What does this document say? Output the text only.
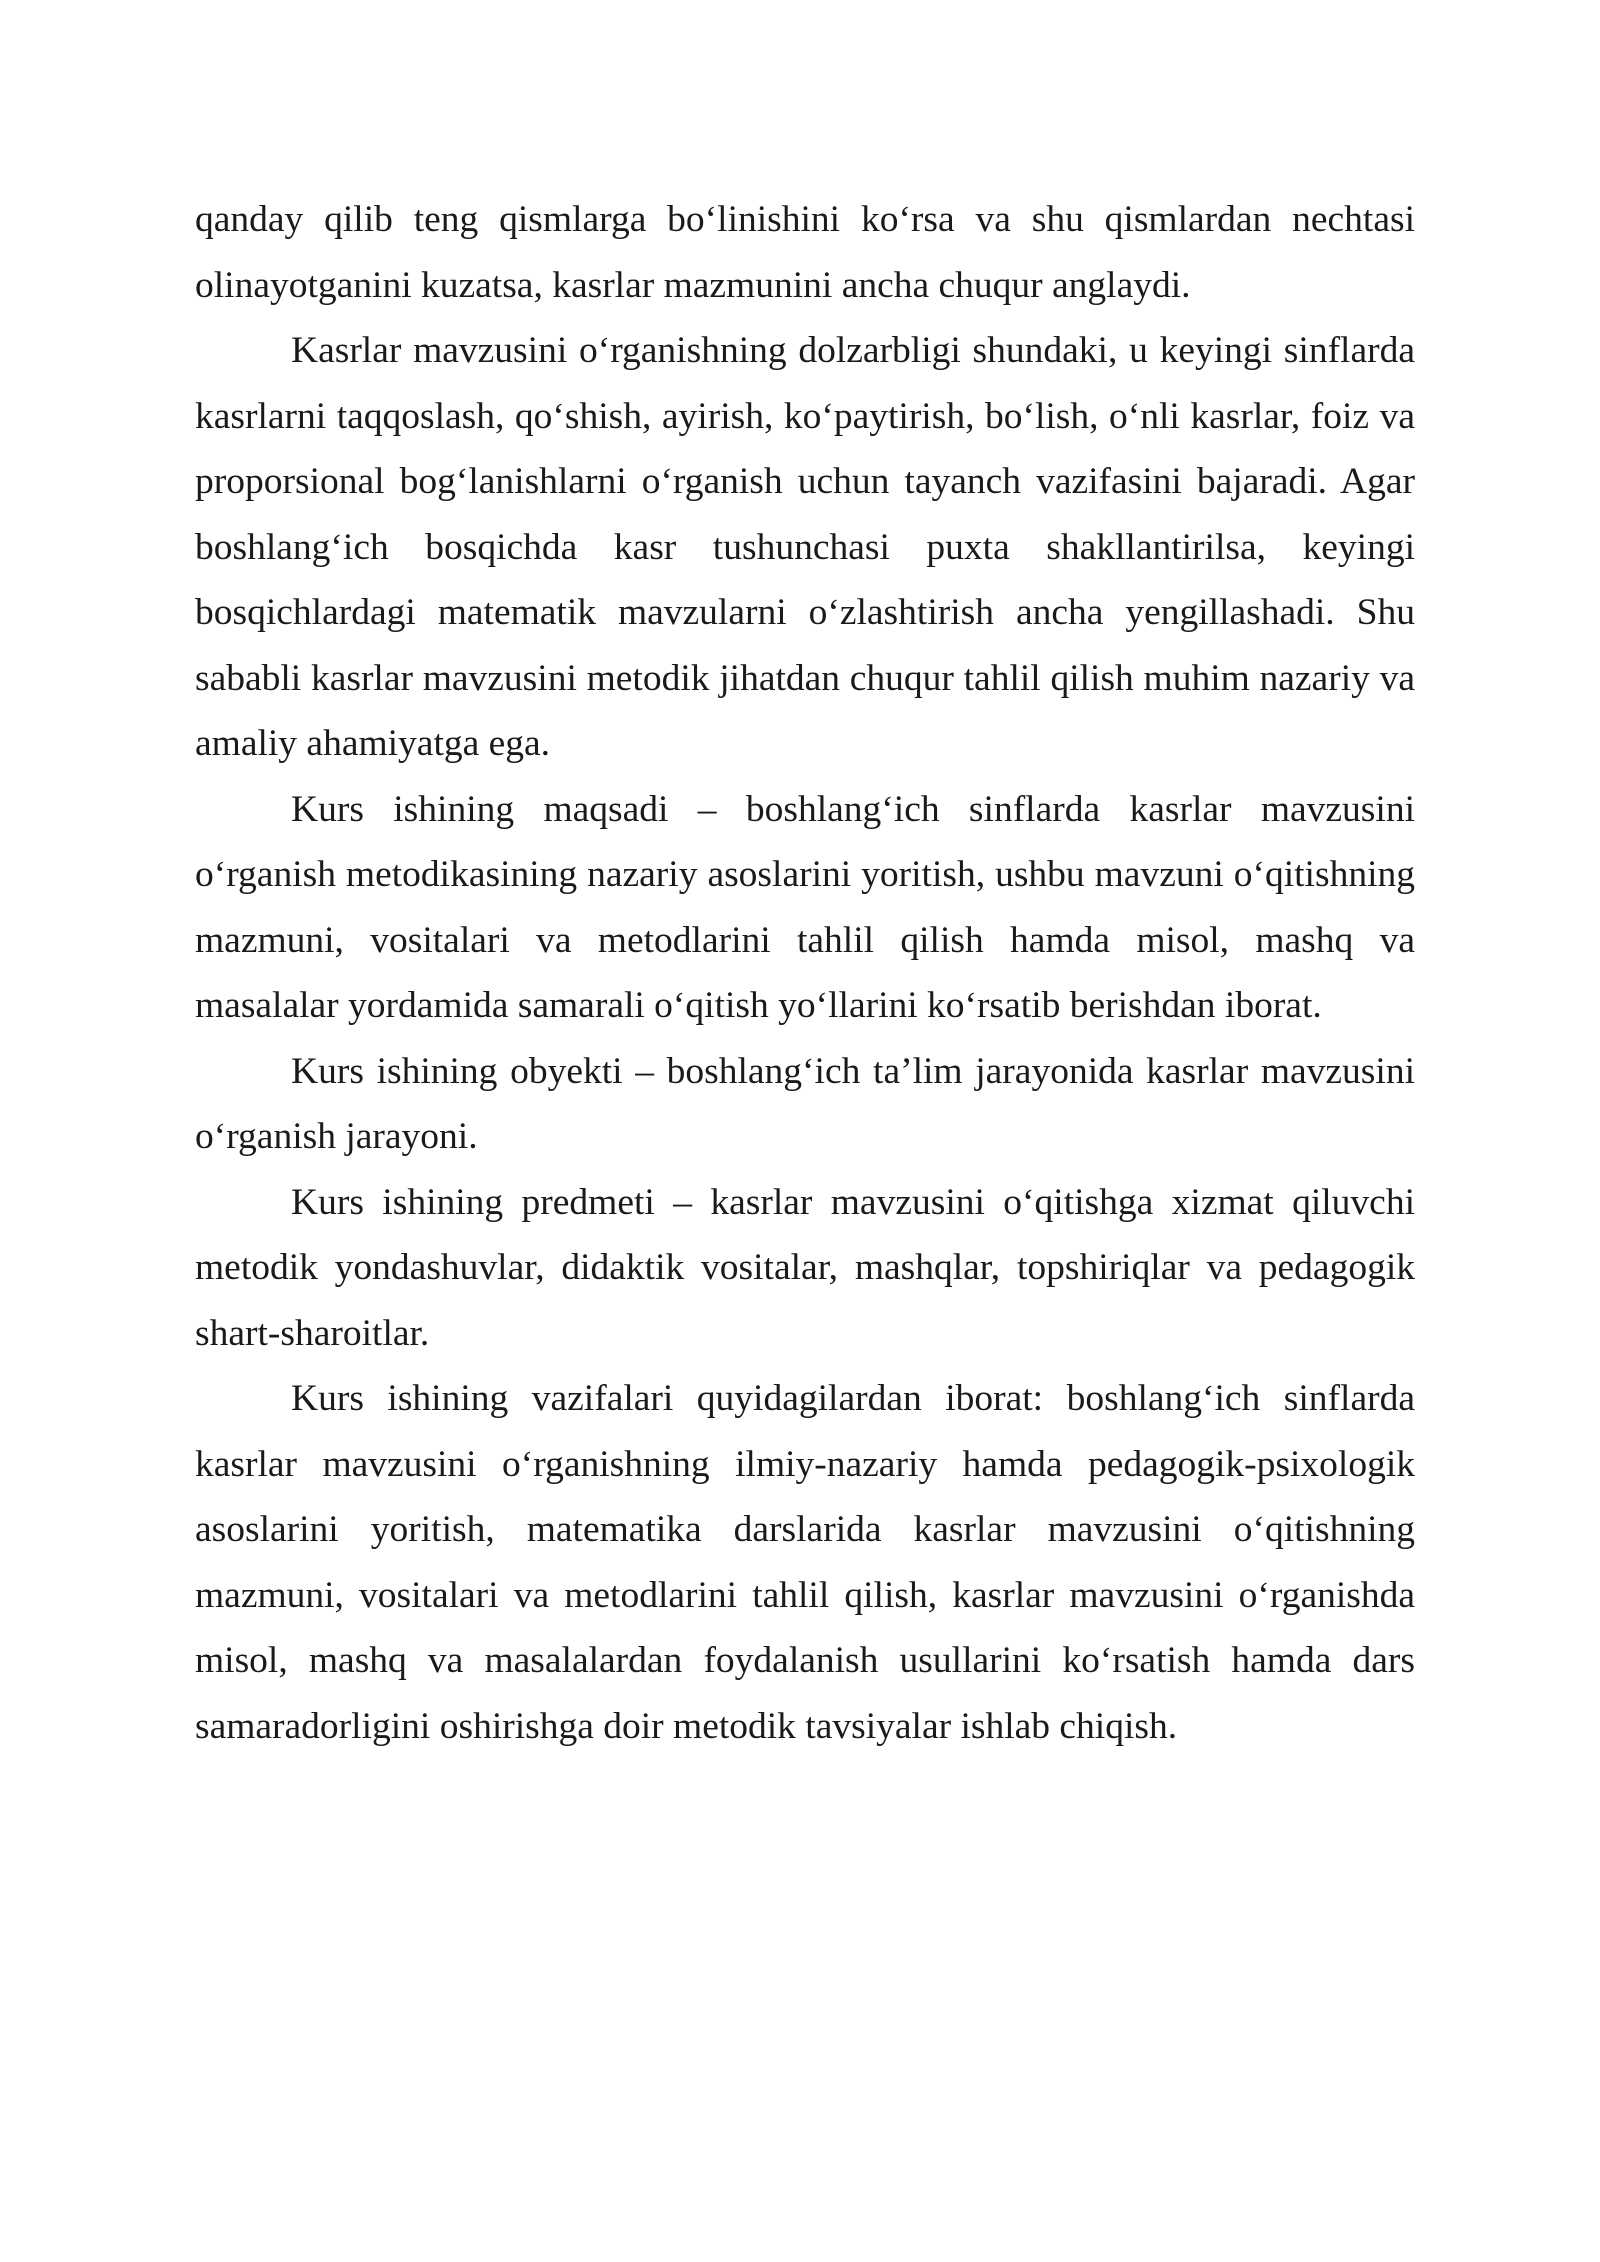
qanday qilib teng qismlarga bo‘linishini ko‘rsa va shu qismlardan nechtasi olinayotganini kuzatsa, kasrlar mazmunini ancha chuqur anglaydi.

Kasrlar mavzusini o‘rganishning dolzarbligi shundaki, u keyingi sinflarda kasrlarni taqqoslash, qo‘shish, ayirish, ko‘paytirish, bo‘lish, o‘nli kasrlar, foiz va proporsional bog‘lanishlarni o‘rganish uchun tayanch vazifasini bajaradi. Agar boshlang‘ich bosqichda kasr tushunchasi puxta shakllantirilsa, keyingi bosqichlardagi matematik mavzularni o‘zlashtirish ancha yengillashadi. Shu sababli kasrlar mavzusini metodik jihatdan chuqur tahlil qilish muhim nazariy va amaliy ahamiyatga ega.

Kurs ishining maqsadi – boshlang‘ich sinflarda kasrlar mavzusini o‘rganish metodikasining nazariy asoslarini yoritish, ushbu mavzuni o‘qitishning mazmuni, vositalari va metodlarini tahlil qilish hamda misol, mashq va masalalar yordamida samarali o‘qitish yo‘llarini ko‘rsatib berishdan iborat.

Kurs ishining obyekti – boshlang‘ich ta’lim jarayonida kasrlar mavzusini o‘rganish jarayoni.

Kurs ishining predmeti – kasrlar mavzusini o‘qitishga xizmat qiluvchi metodik yondashuvlar, didaktik vositalar, mashqlar, topshiriqlar va pedagogik shart-sharoitlar.

Kurs ishining vazifalari quyidagilardan iborat: boshlang‘ich sinflarda kasrlar mavzusini o‘rganishning ilmiy-nazariy hamda pedagogik-psixologik asoslarini yoritish, matematika darslarida kasrlar mavzusini o‘qitishning mazmuni, vositalari va metodlarini tahlil qilish, kasrlar mavzusini o‘rganishda misol, mashq va masalalardan foydalanish usullarini ko‘rsatish hamda dars samaradorligini oshirishga doir metodik tavsiyalar ishlab chiqish.
